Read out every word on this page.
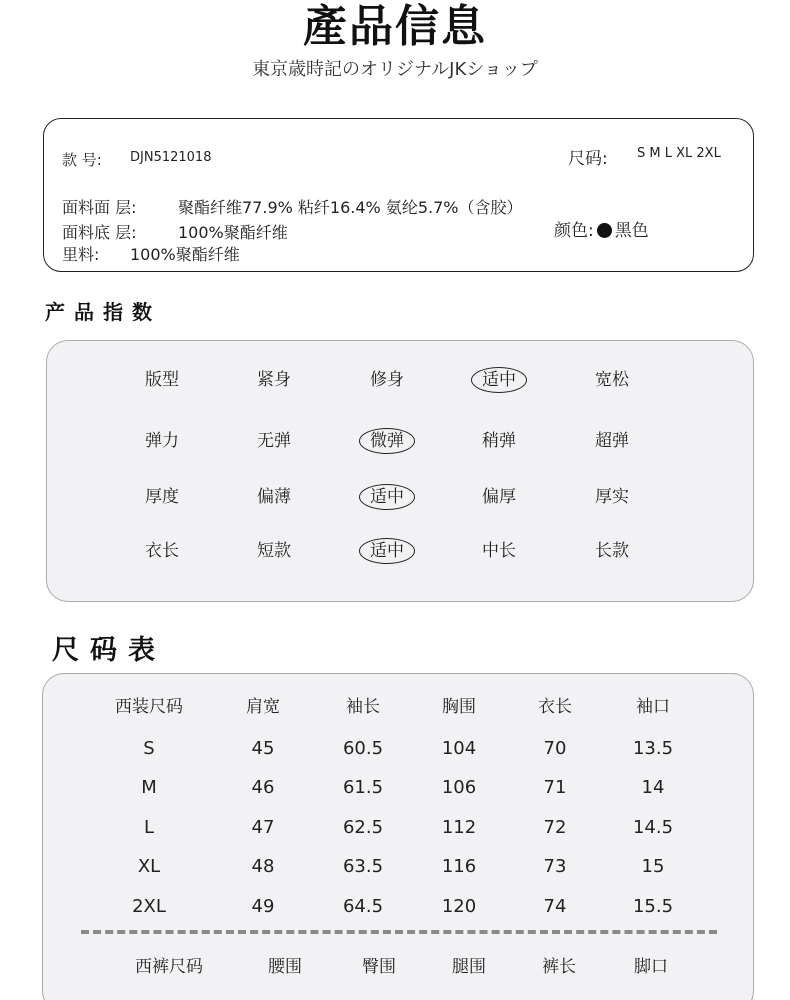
產品信息
東京歳時記のオリジナルJKショップ
款 号: DJN5121018	尺码: S M L XL 2XL
面料面 层:	聚酯纤维77.9% 粘纤16.4% 氨纶5.7%（含胶）
面料底 层:	100%聚酯纤维
里料: 100%聚酯纤维
颜色: 黑色
产品指数
版型	紧身	修身	适中	宽松
弹力	无弹	微弹	稍弹	超弹
厚度	偏薄	适中	偏厚	厚实
衣长	短款	适中	中长	长款
尺码表
西装尺码	肩宽	袖长	胸围	衣长	袖口
S	45	60.5	104	70	13.5
M	46	61.5	106	71	14
L	47	62.5	112	72	14.5
XL	48	63.5	116	73	15
2XL	49	64.5	120	74	15.5
西裤尺码	腰围	臀围	腿围	裤长	脚口
